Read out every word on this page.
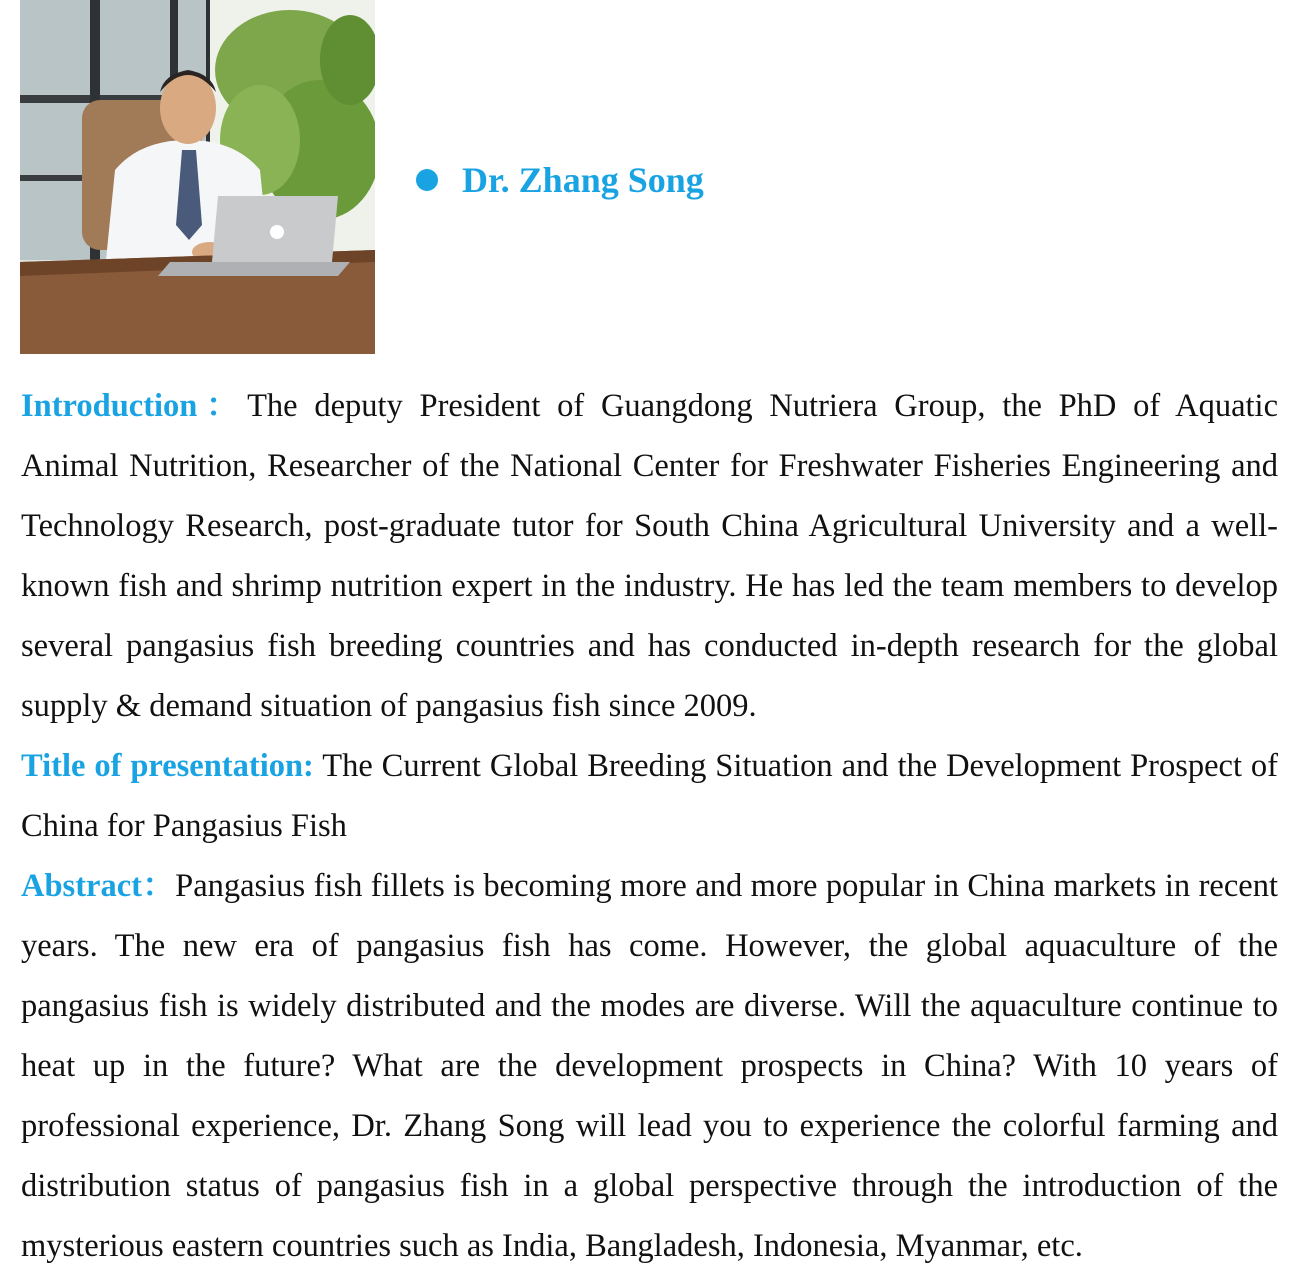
Dr. Zhang Song

Introduction：The deputy President of Guangdong Nutriera Group, the PhD of Aquatic Animal Nutrition, Researcher of the National Center for Freshwater Fisheries Engineering and Technology Research, post-graduate tutor for South China Agricultural University and a well-known fish and shrimp nutrition expert in the industry. He has led the team members to develop several pangasius fish breeding countries and has conducted in-depth research for the global supply & demand situation of pangasius fish since 2009.

Title of presentation: The Current Global Breeding Situation and the Development Prospect of China for Pangasius Fish

Abstract：Pangasius fish fillets is becoming more and more popular in China markets in recent years. The new era of pangasius fish has come. However, the global aquaculture of the pangasius fish is widely distributed and the modes are diverse. Will the aquaculture continue to heat up in the future? What are the development prospects in China? With 10 years of professional experience, Dr. Zhang Song will lead you to experience the colorful farming and distribution status of pangasius fish in a global perspective through the introduction of the mysterious eastern countries such as India, Bangladesh, Indonesia, Myanmar, etc.
